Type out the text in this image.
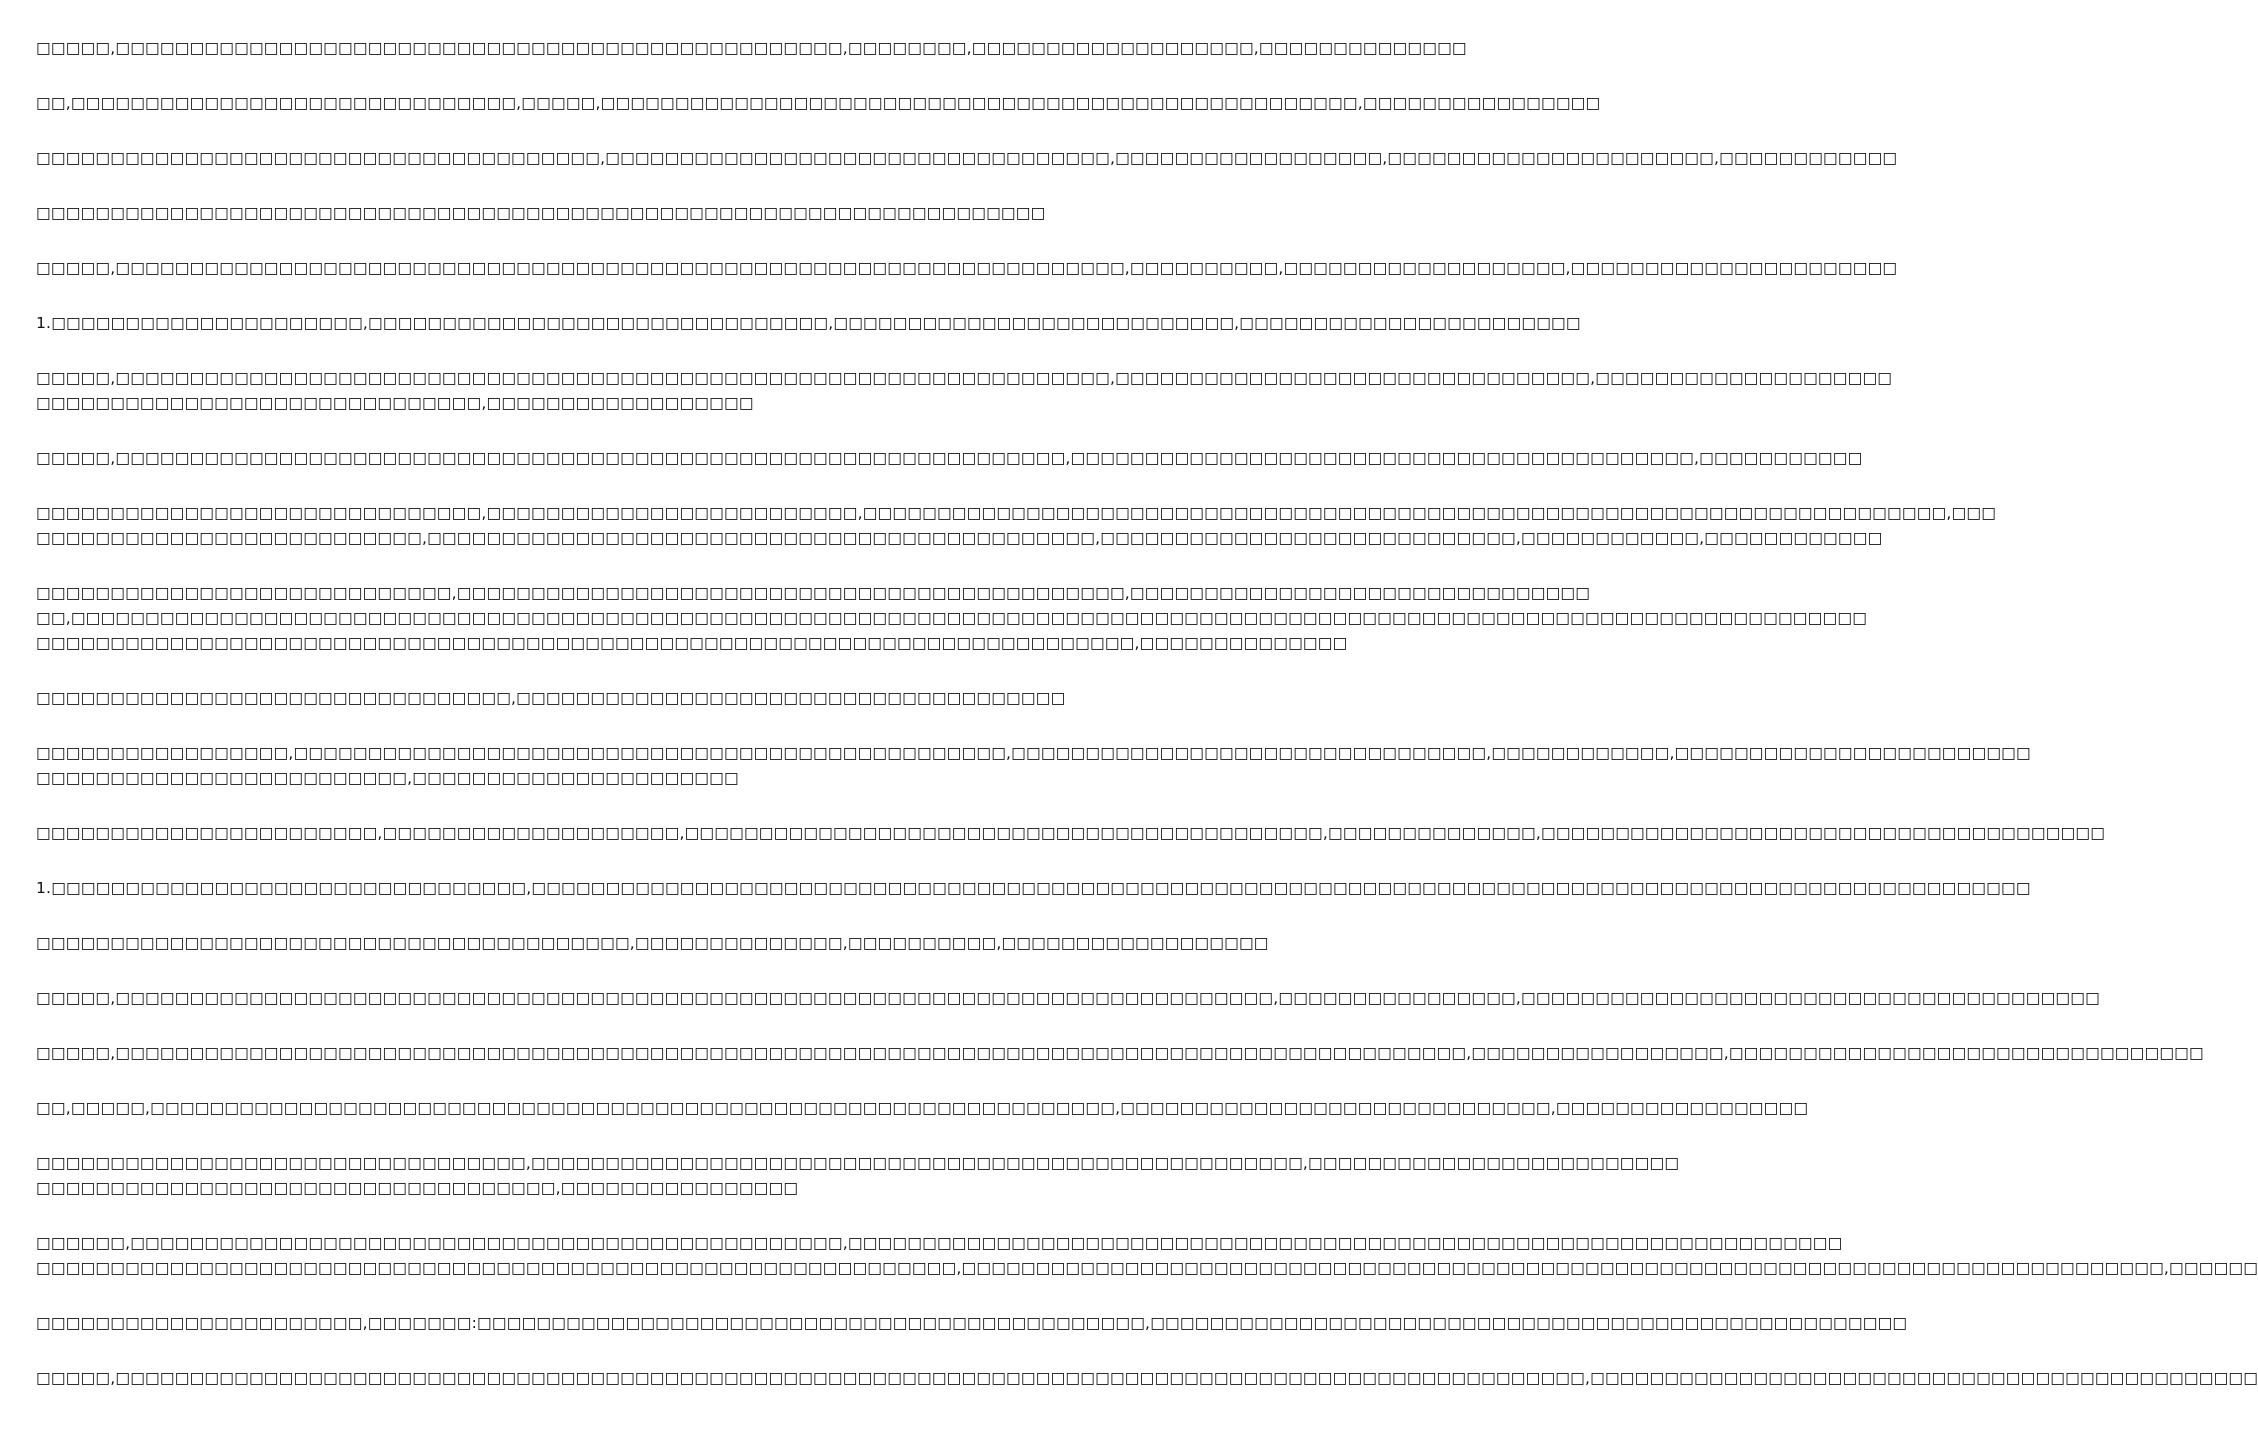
□□□□□,□□□□□□□□□□□□□□□□□□□□□□□□□□□□□□□□□□□□□□□□□□□□□□□□□,□□□□□□□□,□□□□□□□□□□□□□□□□□□□,□□□□□□□□□□□□□□
□□,□□□□□□□□□□□□□□□□□□□□□□□□□□□□□□,□□□□□,□□□□□□□□□□□□□□□□□□□□□□□□□□□□□□□□□□□□□□□□□□□□□□□□□□□,□□□□□□□□□□□□□□□□
□□□□□□□□□□□□□□□□□□□□□□□□□□□□□□□□□□□□□□,□□□□□□□□□□□□□□□□□□□□□□□□□□□□□□□□□□,□□□□□□□□□□□□□□□□□□,□□□□□□□□□□□□□□□□□□□□□□,□□□□□□□□□□□□
□□□□□□□□□□□□□□□□□□□□□□□□□□□□□□□□□□□□□□□□□□□□□□□□□□□□□□□□□□□□□□□□□□□□
□□□□□,□□□□□□□□□□□□□□□□□□□□□□□□□□□□□□□□□□□□□□□□□□□□□□□□□□□□□□□□□□□□□□□□□□□□,□□□□□□□□□□,□□□□□□□□□□□□□□□□□□□,□□□□□□□□□□□□□□□□□□□□□□
1.□□□□□□□□□□□□□□□□□□□□□,□□□□□□□□□□□□□□□□□□□□□□□□□□□□□□□,□□□□□□□□□□□□□□□□□□□□□□□□□□□,□□□□□□□□□□□□□□□□□□□□□□□
□□□□□,□□□□□□□□□□□□□□□□□□□□□□□□□□□□□□□□□□□□□□□□□□□□□□□□□□□□□□□□□□□□□□□□□□□,□□□□□□□□□□□□□□□□□□□□□□□□□□□□□□□□,□□□□□□□□□□□□□□□□□□□□
□□□□□□□□□□□□□□□□□□□□□□□□□□□□□□,□□□□□□□□□□□□□□□□□□
□□□□□,□□□□□□□□□□□□□□□□□□□□□□□□□□□□□□□□□□□□□□□□□□□□□□□□□□□□□□□□□□□□□□□□,□□□□□□□□□□□□□□□□□□□□□□□□□□□□□□□□□□□□□□□□□□,□□□□□□□□□□□
□□□□□□□□□□□□□□□□□□□□□□□□□□□□□□,□□□□□□□□□□□□□□□□□□□□□□□□□,□□□□□□□□□□□□□□□□□□□□□□□□□□□□□□□□□□□□□□□□□□□□□□□□□□□□□□□□□□□□□□□□□□□□□□□□□,□□□
□□□□□□□□□□□□□□□□□□□□□□□□□□,□□□□□□□□□□□□□□□□□□□□□□□□□□□□□□□□□□□□□□□□□□□□□,□□□□□□□□□□□□□□□□□□□□□□□□□□□□,□□□□□□□□□□□□,□□□□□□□□□□□□
□□□□□□□□□□□□□□□□□□□□□□□□□□□□,□□□□□□□□□□□□□□□□□□□□□□□□□□□□□□□□□□□□□□□□□□□□□,□□□□□□□□□□□□□□□□□□□□□□□□□□□□□□□
□□,□□□□□□□□□□□□□□□□□□□□□□□□□□□□□□□□□□□□□□□□□□□□□□□□□□□□□□□□□□□□□□□□□□□□□□□□□□□□□□□□□□□□□□□□□□□□□□□□□□□□□□□□□□□□□□□□□□□□□□□□□
□□□□□□□□□□□□□□□□□□□□□□□□□□□□□□□□□□□□□□□□□□□□□□□□□□□□□□□□□□□□□□□□□□□□□□□□□□,□□□□□□□□□□□□□□
□□□□□□□□□□□□□□□□□□□□□□□□□□□□□□□□,□□□□□□□□□□□□□□□□□□□□□□□□□□□□□□□□□□□□□
□□□□□□□□□□□□□□□□□,□□□□□□□□□□□□□□□□□□□□□□□□□□□□□□□□□□□□□□□□□□□□□□□□,□□□□□□□□□□□□□□□□□□□□□□□□□□□□□□□□,□□□□□□□□□□□□,□□□□□□□□□□□□□□□□□□□□□□□□
□□□□□□□□□□□□□□□□□□□□□□□□□,□□□□□□□□□□□□□□□□□□□□□□
□□□□□□□□□□□□□□□□□□□□□□□,□□□□□□□□□□□□□□□□□□□□,□□□□□□□□□□□□□□□□□□□□□□□□□□□□□□□□□□□□□□□□□□□,□□□□□□□□□□□□□□,□□□□□□□□□□□□□□□□□□□□□□□□□□□□□□□□□□□□□□
1.□□□□□□□□□□□□□□□□□□□□□□□□□□□□□□□□,□□□□□□□□□□□□□□□□□□□□□□□□□□□□□□□□□□□□□□□□□□□□□□□□□□□□□□□□□□□□□□□□□□□□□□□□□□□□□□□□□□□□□□□□□□□□□□□□□□□□□
□□□□□□□□□□□□□□□□□□□□□□□□□□□□□□□□□□□□□□□□,□□□□□□□□□□□□□□,□□□□□□□□□□,□□□□□□□□□□□□□□□□□□
□□□□□,□□□□□□□□□□□□□□□□□□□□□□□□□□□□□□□□□□□□□□□□□□□□□□□□□□□□□□□□□□□□□□□□□□□□□□□□□□□□□□,□□□□□□□□□□□□□□□□,□□□□□□□□□□□□□□□□□□□□□□□□□□□□□□□□□□□□□□□
□□□□□,□□□□□□□□□□□□□□□□□□□□□□□□□□□□□□□□□□□□□□□□□□□□□□□□□□□□□□□□□□□□□□□□□□□□□□□□□□□□□□□□□□□□□□□□□□□,□□□□□□□□□□□□□□□□□,□□□□□□□□□□□□□□□□□□□□□□□□□□□□□□□□
□□,□□□□□,□□□□□□□□□□□□□□□□□□□□□□□□□□□□□□□□□□□□□□□□□□□□□□□□□□□□□□□□□□□□□□□□□,□□□□□□□□□□□□□□□□□□□□□□□□□□□□□,□□□□□□□□□□□□□□□□□
□□□□□□□□□□□□□□□□□□□□□□□□□□□□□□□□□,□□□□□□□□□□□□□□□□□□□□□□□□□□□□□□□□□□□□□□□□□□□□□□□□□□□□,□□□□□□□□□□□□□□□□□□□□□□□□□
□□□□□□□□□□□□□□□□□□□□□□□□□□□□□□□□□□□,□□□□□□□□□□□□□□□□
□□□□□□,□□□□□□□□□□□□□□□□□□□□□□□□□□□□□□□□□□□□□□□□□□□□□□□□,□□□□□□□□□□□□□□□□□□□□□□□□□□□□□□□□□□□□□□□□□□□□□□□□□□□□□□□□□□□□□□□□□□□
□□□□□□□□□□□□□□□□□□□□□□□□□□□□□□□□□□□□□□□□□□□□□□□□□□□□□□□□□□□□□□,□□□□□□□□□□□□□□□□□□□□□□□□□□□□□□□□□□□□□□□□□□□□□□□□□□□□□□□□□□□□□□□□□□□□□□□□□□□□□□□□□,□□□□□□
□□□□□□□□□□□□□□□□□□□□□□,□□□□□□□:□□□□□□□□□□□□□□□□□□□□□□□□□□□□□□□□□□□□□□□□□□□□□,□□□□□□□□□□□□□□□□□□□□□□□□□□□□□□□□□□□□□□□□□□□□□□□□□□□
□□□□□,□□□□□□□□□□□□□□□□□□□□□□□□□□□□□□□□□□□□□□□□□□□□□□□□□□□□□□□□□□□□□□□□□□□□□□□□□□□□□□□□□□□□□□□□□□□□□□□□□□□,□□□□□□□□□□□□□□□□□□□□□□□□□□□□□□□□□□□□□□□□□□□□□
